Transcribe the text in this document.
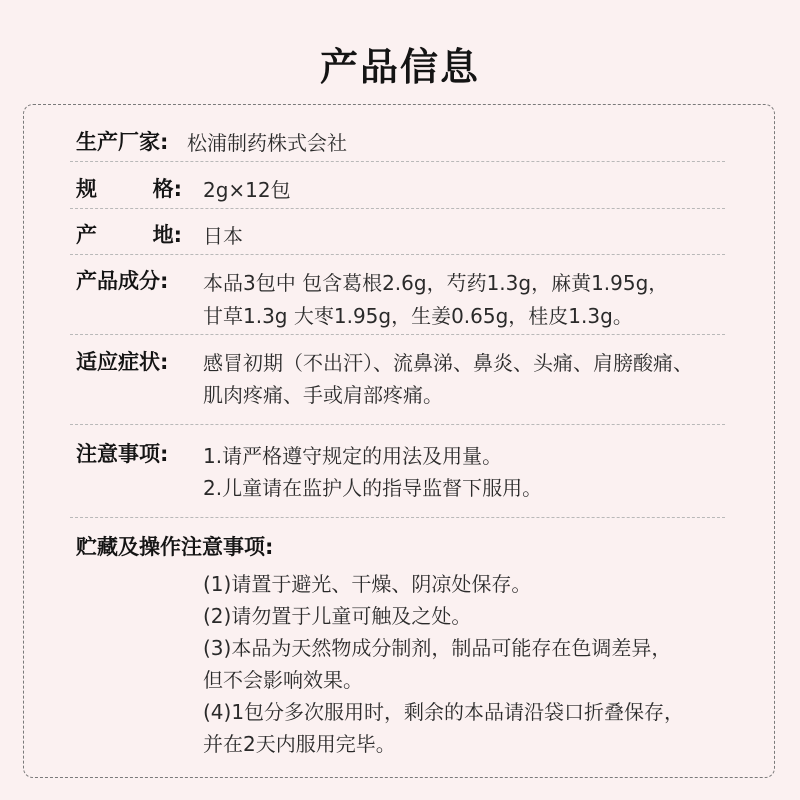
产品信息
生产厂家: 松浦制药株式会社
规	格: 2g×12包
产	地: 日本
产品成分: 本品3包中 包含葛根2.6g，芍药1.3g，麻黄1.95g，
甘草1.3g 大枣1.95g，生姜0.65g，桂皮1.3g。
适应症状: 感冒初期（不出汗）、流鼻涕、鼻炎、头痛、肩膀酸痛、
肌肉疼痛、手或肩部疼痛。
注意事项: 1.请严格遵守规定的用法及用量。
2.儿童请在监护人的指导监督下服用。
贮藏及操作注意事项:
(1)请置于避光、干燥、阴凉处保存。
(2)请勿置于儿童可触及之处。
(3)本品为天然物成分制剂，制品可能存在色调差异，
但不会影响效果。
(4)1包分多次服用时，剩余的本品请沿袋口折叠保存，
并在2天内服用完毕。
